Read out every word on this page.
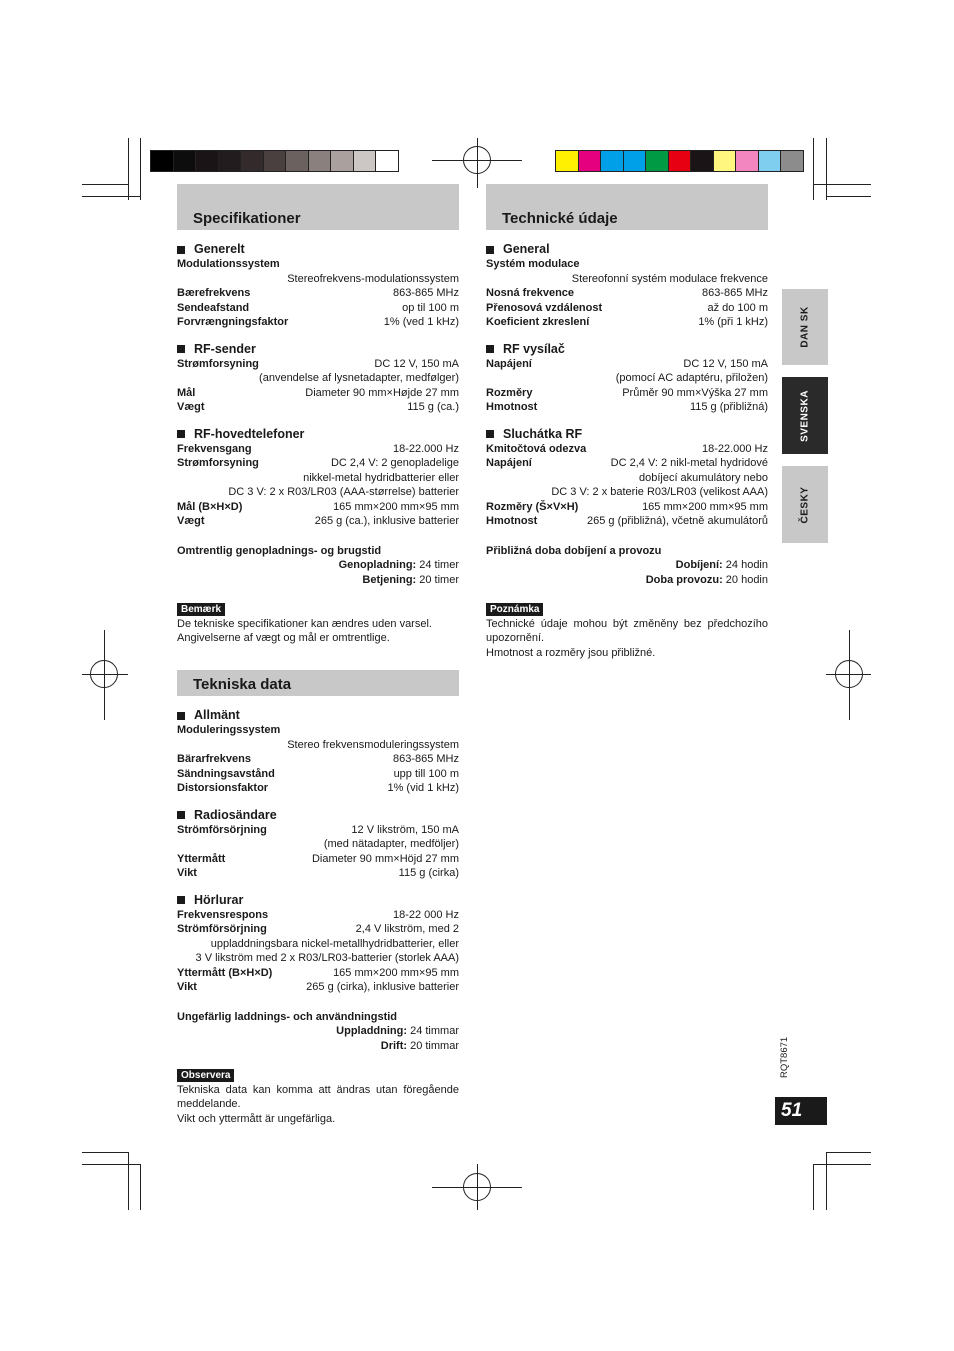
Specifikationer
Generelt
Modulationssystem
Stereofrekvens-modulationssystem
Bærefrekvens	863-865 MHz
Sendeafstand	op til 100 m
Forvrængningsfaktor	1% (ved 1 kHz)
RF-sender
Strømforsyning	DC 12 V, 150 mA
(anvendelse af lysnetadapter, medfølger)
Mål	Diameter 90 mm×Højde 27 mm
Vægt	115 g (ca.)
RF-hovedtelefoner
Frekvensgang	18-22.000 Hz
Strømforsyning	DC 2,4 V: 2 genopladelige
nikkel-metal hydridbatterier eller
DC 3 V: 2 x R03/LR03 (AAA-størrelse) batterier
Mål (B×H×D)	165 mm×200 mm×95 mm
Vægt	265 g (ca.), inklusive batterier
Omtrentlig genopladnings- og brugstid
Genopladning: 24 timer
Betjening: 20 timer
Bemærk
De tekniske specifikationer kan ændres uden varsel.
Angivelserne af vægt og mål er omtrentlige.
Tekniska data
Allmänt
Moduleringssystem
Stereo frekvensmoduleringssystem
Bärarfrekvens	863-865 MHz
Sändningsavstånd	upp till 100 m
Distorsionsfaktor	1% (vid 1 kHz)
Radiosändare
Strömförsörjning	12 V likström, 150 mA
(med nätadapter, medföljer)
Yttermått	Diameter 90 mm×Höjd 27 mm
Vikt	115 g (cirka)
Hörlurar
Frekvensrespons	18-22 000 Hz
Strömförsörjning	2,4 V likström, med 2
uppladdningsbara nickel-metallhydridbatterier, eller
3 V likström med 2 x R03/LR03-batterier (storlek AAA)
Yttermått (B×H×D)	165 mm×200 mm×95 mm
Vikt	265 g (cirka), inklusive batterier
Ungefärlig laddnings- och användningstid
Uppladdning: 24 timmar
Drift: 20 timmar
Observera
Tekniska data kan komma att ändras utan föregående meddelande.
Vikt och yttermått är ungefärliga.
Technické údaje
General
Systém modulace
Stereofonní systém modulace frekvence
Nosná frekvence	863-865 MHz
Přenosová vzdálenost	až do 100 m
Koeficient zkreslení	1% (při 1 kHz)
RF vysílač
Napájení	DC 12 V, 150 mA
(pomocí AC adaptéru, přiložen)
Rozměry	Průměr 90 mm×Výška 27 mm
Hmotnost	115 g (přibližná)
Sluchátka RF
Kmitočtová odezva	18-22.000 Hz
Napájení	DC 2,4 V: 2 nikl-metal hydridové
dobíjecí akumulátory nebo
DC 3 V: 2 x baterie R03/LR03 (velikost AAA)
Rozměry (Š×V×H)	165 mm×200 mm×95 mm
Hmotnost	265 g (přibližná), včetně akumulátorů
Přibližná doba dobíjení a provozu
Dobíjení: 24 hodin
Doba provozu: 20 hodin
Poznámka
Technické údaje mohou být změněny bez předchozího upozornění.
Hmotnost a rozměry jsou přibližné.
DAN SK
SVENSKA
ČESKY
RQT8671
51
